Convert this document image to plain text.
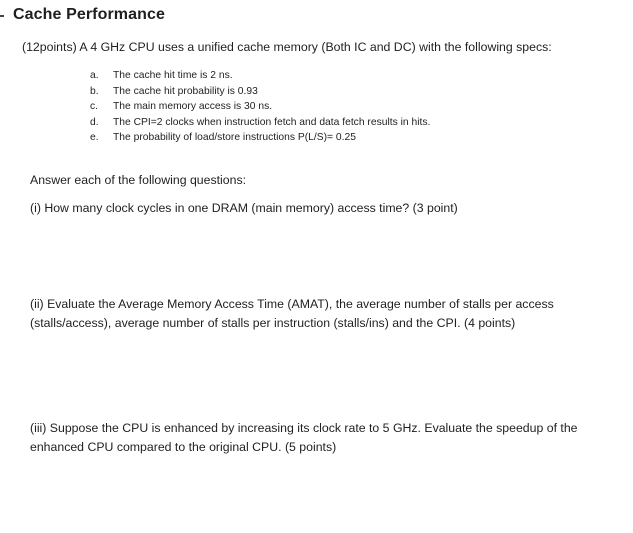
Cache Performance
(12points) A 4 GHz CPU uses a unified cache memory (Both IC and DC) with the following specs:
a. The cache hit time is 2 ns.
b. The cache hit probability is 0.93
c. The main memory access is 30 ns.
d. The CPI=2 clocks when instruction fetch and data fetch results in hits.
e. The probability of load/store instructions P(L/S)= 0.25
Answer each of the following questions:
(i) How many clock cycles in one DRAM (main memory) access time? (3 point)
(ii) Evaluate the Average Memory Access Time (AMAT), the average number of stalls per access
(stalls/access), average number of stalls per instruction (stalls/ins) and the CPI. (4 points)
(iii) Suppose the CPU is enhanced by increasing its clock rate to 5 GHz. Evaluate the speedup of the
enhanced CPU compared to the original CPU. (5 points)
